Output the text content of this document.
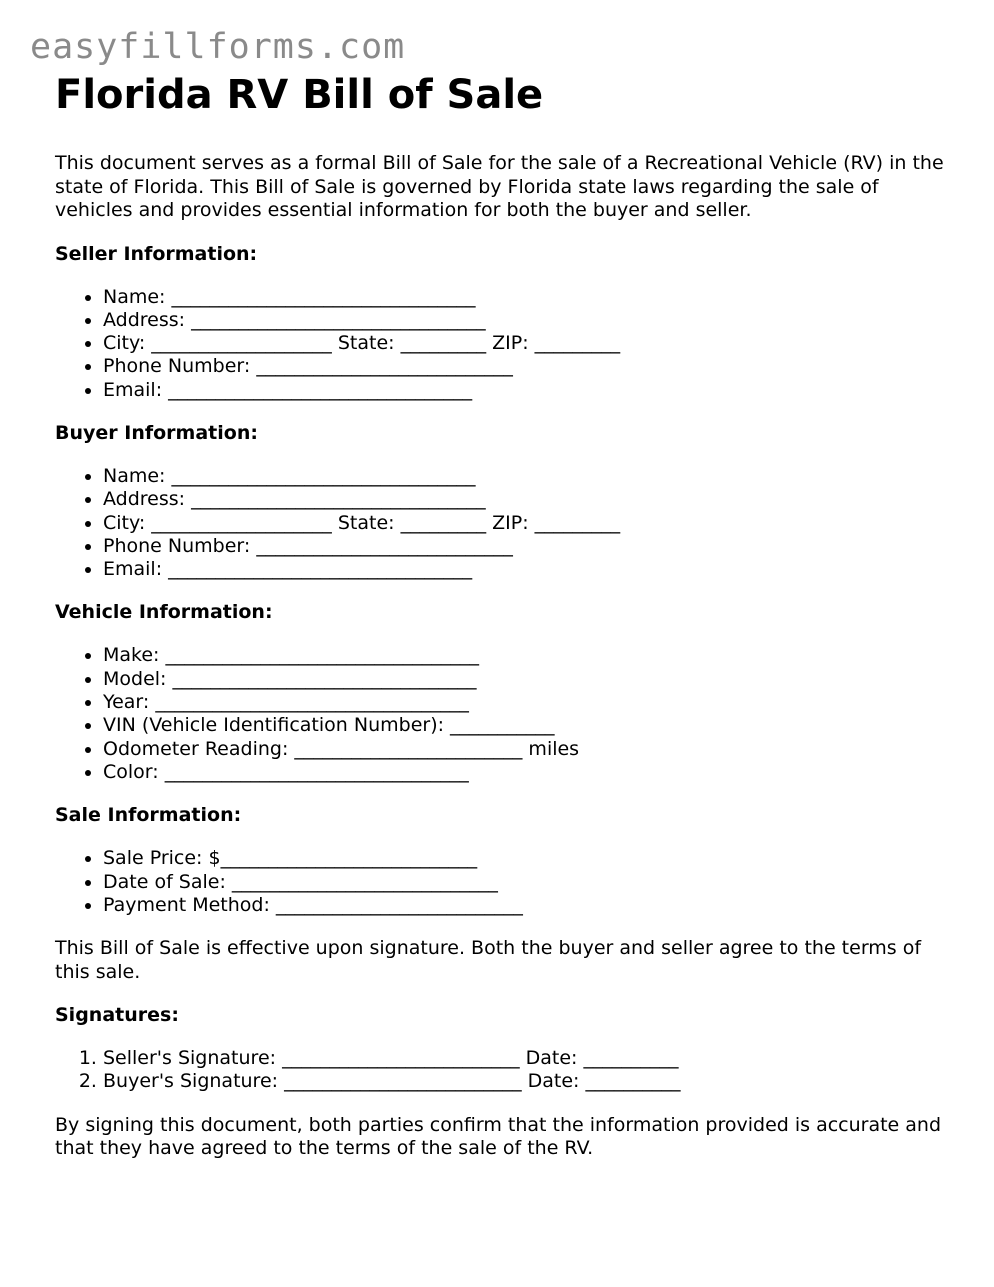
easyfillforms.com
Florida RV Bill of Sale

This document serves as a formal Bill of Sale for the sale of a Recreational Vehicle (RV) in the state of Florida. This Bill of Sale is governed by Florida state laws regarding the sale of vehicles and provides essential information for both the buyer and seller.

Seller Information:
• Name: ________________________________
• Address: _______________________________
• City: ___________________ State: _________ ZIP: _________
• Phone Number: ___________________________
• Email: ________________________________
Buyer Information:
• Name: ________________________________
• Address: _______________________________
• City: ___________________ State: _________ ZIP: _________
• Phone Number: ___________________________
• Email: ________________________________
Vehicle Information:
• Make: _________________________________
• Model: ________________________________
• Year: _________________________________
• VIN (Vehicle Identification Number): ___________
• Odometer Reading: ________________________ miles
• Color: ________________________________
Sale Information:
• Sale Price: $___________________________
• Date of Sale: ____________________________
• Payment Method: __________________________

This Bill of Sale is effective upon signature. Both the buyer and seller agree to the terms of this sale.

Signatures:
1. Seller's Signature: _________________________ Date: __________
2. Buyer's Signature: _________________________ Date: __________

By signing this document, both parties confirm that the information provided is accurate and that they have agreed to the terms of the sale of the RV.
